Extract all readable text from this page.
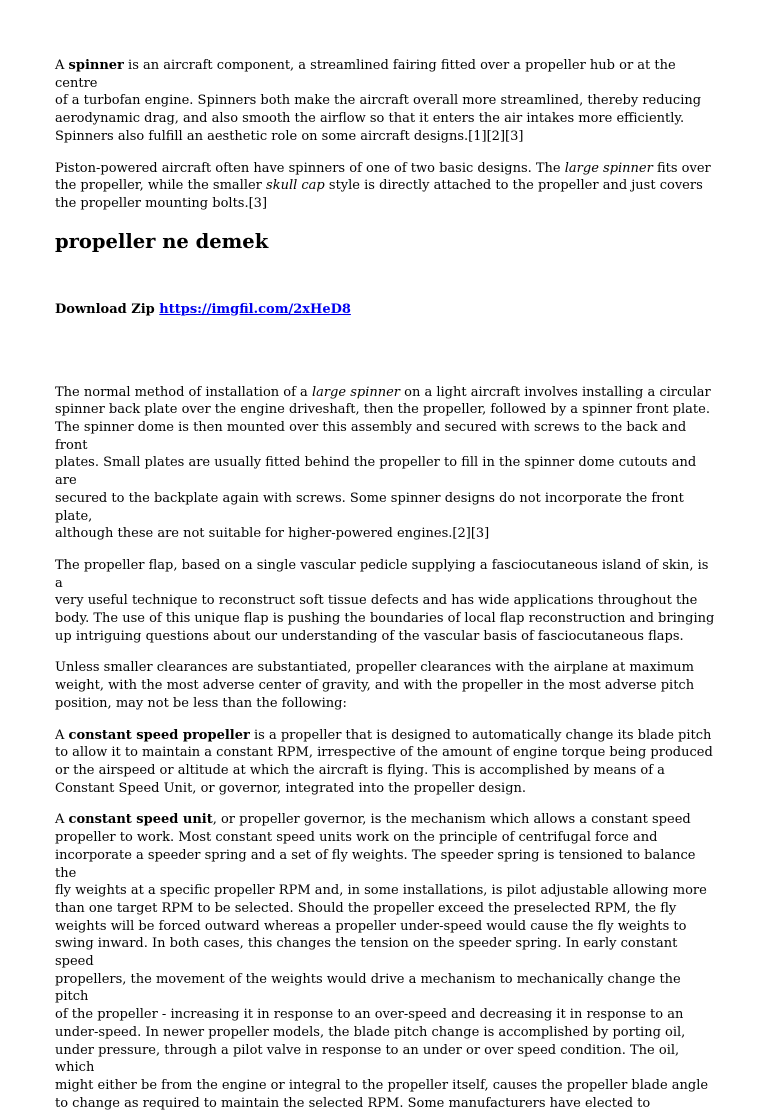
A spinner is an aircraft component, a streamlined fairing fitted over a propeller hub or at the centre
of a turbofan engine. Spinners both make the aircraft overall more streamlined, thereby reducing
aerodynamic drag, and also smooth the airflow so that it enters the air intakes more efficiently.
Spinners also fulfill an aesthetic role on some aircraft designs.[1][2][3]

Piston-powered aircraft often have spinners of one of two basic designs. The large spinner fits over
the propeller, while the smaller skull cap style is directly attached to the propeller and just covers
the propeller mounting bolts.[3]

propeller ne demek
Download Zip https://imgfil.com/2xHeD8

The normal method of installation of a large spinner on a light aircraft involves installing a circular
spinner back plate over the engine driveshaft, then the propeller, followed by a spinner front plate.
The spinner dome is then mounted over this assembly and secured with screws to the back and front
plates. Small plates are usually fitted behind the propeller to fill in the spinner dome cutouts and are
secured to the backplate again with screws. Some spinner designs do not incorporate the front plate,
although these are not suitable for higher-powered engines.[2][3]

The propeller flap, based on a single vascular pedicle supplying a fasciocutaneous island of skin, is a
very useful technique to reconstruct soft tissue defects and has wide applications throughout the
body. The use of this unique flap is pushing the boundaries of local flap reconstruction and bringing
up intriguing questions about our understanding of the vascular basis of fasciocutaneous flaps.

Unless smaller clearances are substantiated, propeller clearances with the airplane at maximum
weight, with the most adverse center of gravity, and with the propeller in the most adverse pitch
position, may not be less than the following:

A constant speed propeller is a propeller that is designed to automatically change its blade pitch
to allow it to maintain a constant RPM, irrespective of the amount of engine torque being produced
or the airspeed or altitude at which the aircraft is flying. This is accomplished by means of a
Constant Speed Unit, or governor, integrated into the propeller design.

A constant speed unit, or propeller governor, is the mechanism which allows a constant speed
propeller to work. Most constant speed units work on the principle of centrifugal force and
incorporate a speeder spring and a set of fly weights. The speeder spring is tensioned to balance the
fly weights at a specific propeller RPM and, in some installations, is pilot adjustable allowing more
than one target RPM to be selected. Should the propeller exceed the preselected RPM, the fly
weights will be forced outward whereas a propeller under-speed would cause the fly weights to
swing inward. In both cases, this changes the tension on the speeder spring. In early constant speed
propellers, the movement of the weights would drive a mechanism to mechanically change the pitch
of the propeller - increasing it in response to an over-speed and decreasing it in response to an
under-speed. In newer propeller models, the blade pitch change is accomplished by porting oil,
under pressure, through a pilot valve in response to an under or over speed condition. The oil, which
might either be from the engine or integral to the propeller itself, causes the propeller blade angle
to change as required to maintain the selected RPM. Some manufacturers have elected to
